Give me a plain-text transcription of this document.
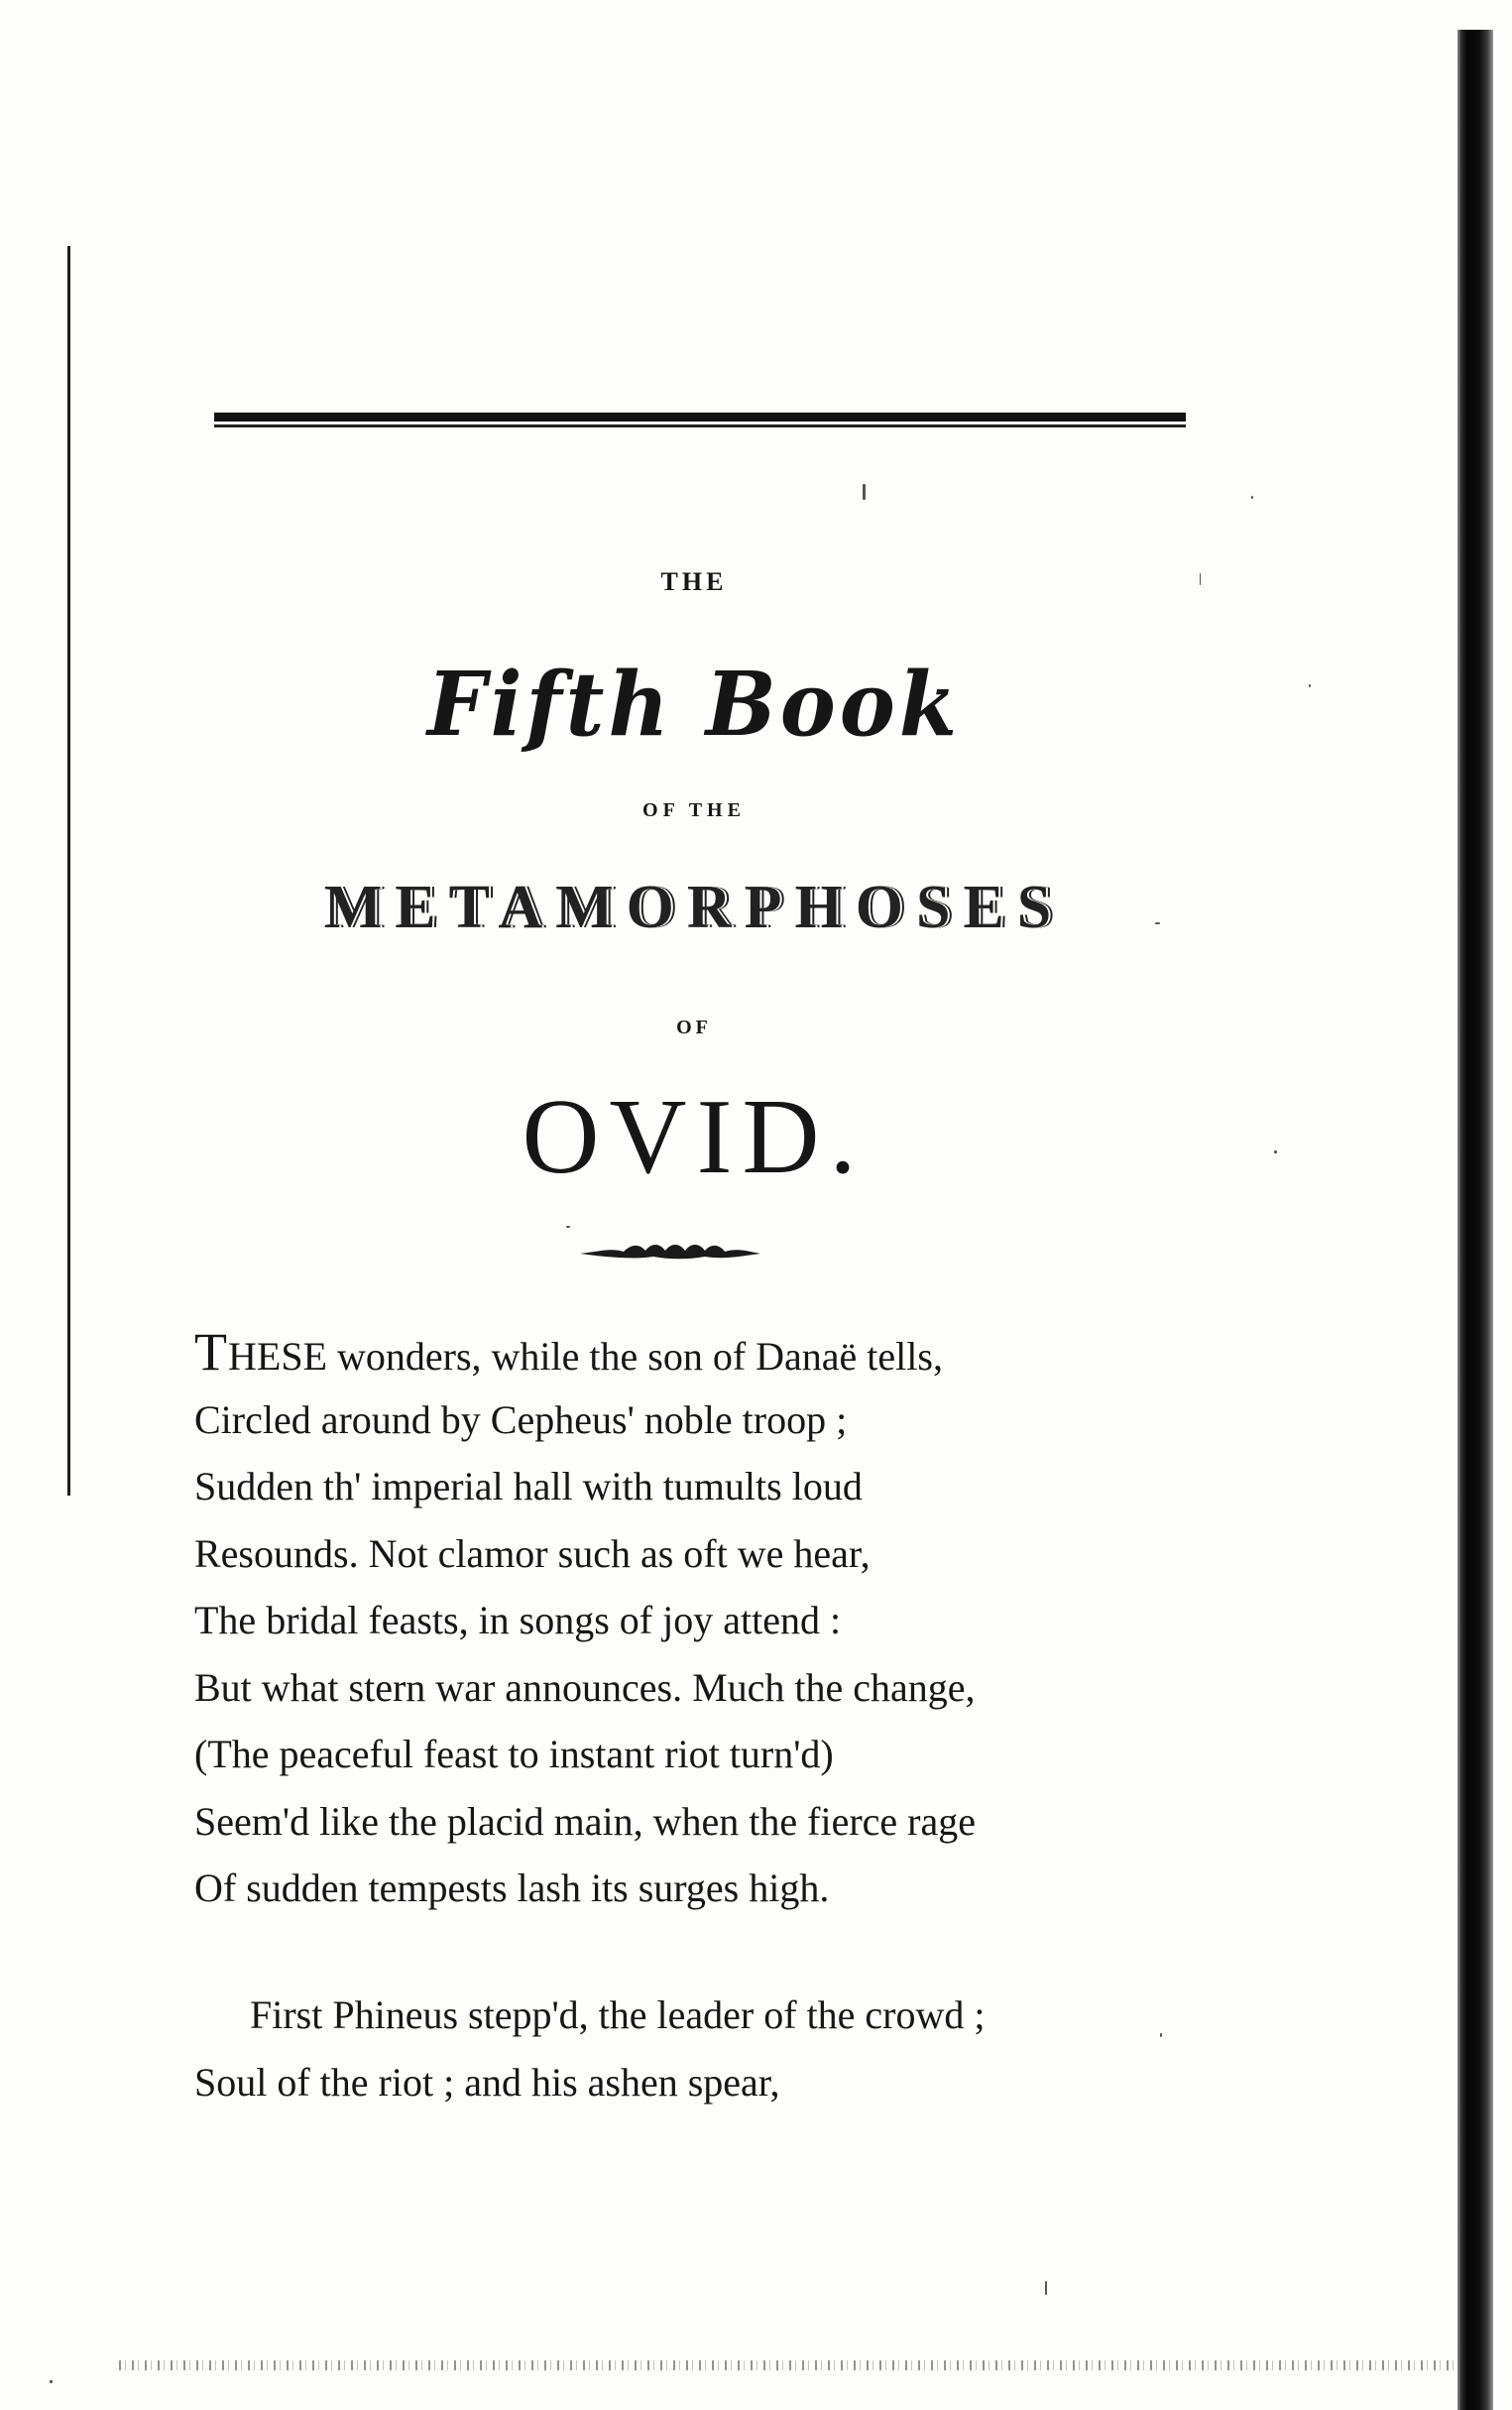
THE
Fifth Book
OF THE
METAMORPHOSES
OF
OVID.
THESE wonders, while the son of Danaë tells,
Circled around by Cepheus' noble troop ;
Sudden th' imperial hall with tumults loud
Resounds. Not clamor such as oft we hear,
The bridal feasts, in songs of joy attend :
But what stern war announces. Much the change,
(The peaceful feast to instant riot turn'd)
Seem'd like the placid main, when the fierce rage
Of sudden tempests lash its surges high.
First Phineus stepp'd, the leader of the crowd ;
Soul of the riot ; and his ashen spear,
